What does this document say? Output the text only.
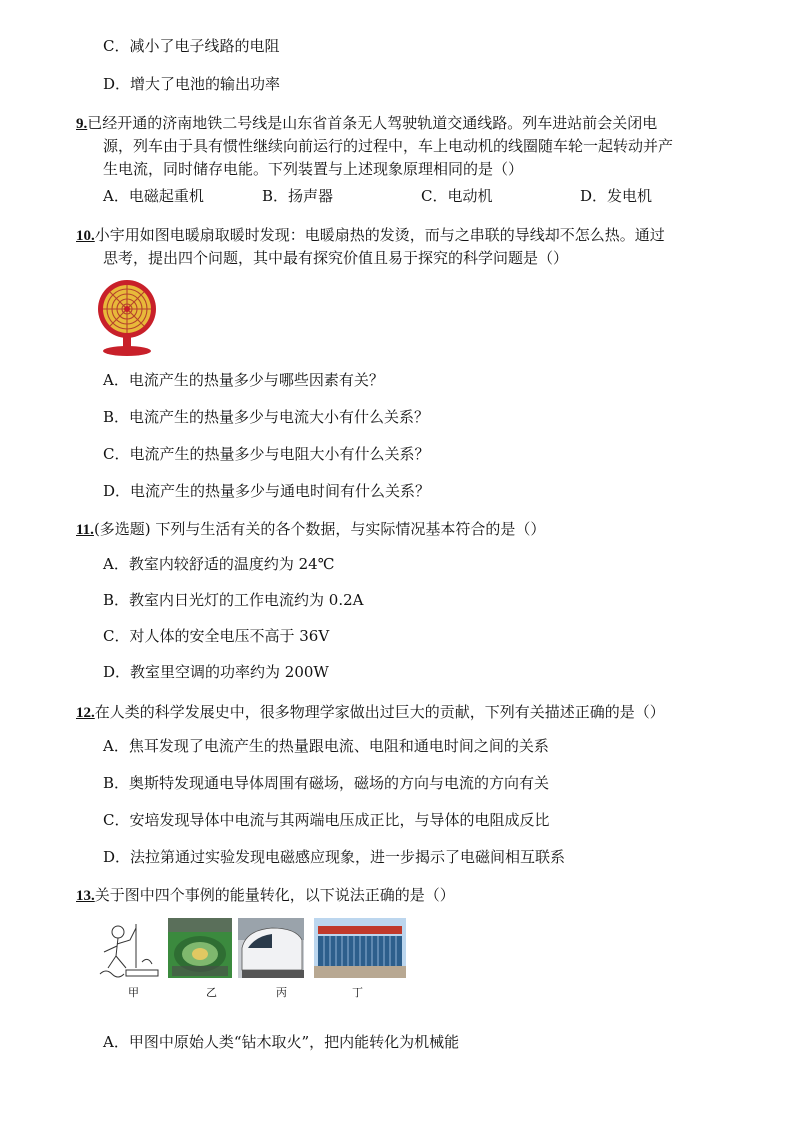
C．减小了电子线路的电阻
D．增大了电池的输出功率
9.已经开通的济南地铁二号线是山东省首条无人驾驶轨道交通线路。列车进站前会关闭电
源，列车由于具有惯性继续向前运行的过程中，车上电动机的线圈随车轮一起转动并产
生电流，同时储存电能。下列装置与上述现象原理相同的是（）
A．电磁起重机	B．扬声器	C．电动机	D．发电机
10.小宇用如图电暖扇取暖时发现：电暖扇热的发烫，而与之串联的导线却不怎么热。通过
思考，提出四个问题，其中最有探究价值且易于探究的科学问题是（）
A．电流产生的热量多少与哪些因素有关？
B．电流产生的热量多少与电流大小有什么关系？
C．电流产生的热量多少与电阻大小有什么关系？
D．电流产生的热量多少与通电时间有什么关系？
11.(多选题) 下列与生活有关的各个数据，与实际情况基本符合的是（）
A．教室内较舒适的温度约为 24℃
B．教室内日光灯的工作电流约为 0.2A
C．对人体的安全电压不高于 36V
D．教室里空调的功率约为 200W
12.在人类的科学发展史中，很多物理学家做出过巨大的贡献，下列有关描述正确的是（）
A．焦耳发现了电流产生的热量跟电流、电阻和通电时间之间的关系
B．奥斯特发现通电导体周围有磁场，磁场的方向与电流的方向有关
C．安培发现导体中电流与其两端电压成正比，与导体的电阻成反比
D．法拉第通过实验发现电磁感应现象，进一步揭示了电磁间相互联系
13.关于图中四个事例的能量转化，以下说法正确的是（）
甲	乙	丙	丁
A．甲图中原始人类“钻木取火”，把内能转化为机械能
